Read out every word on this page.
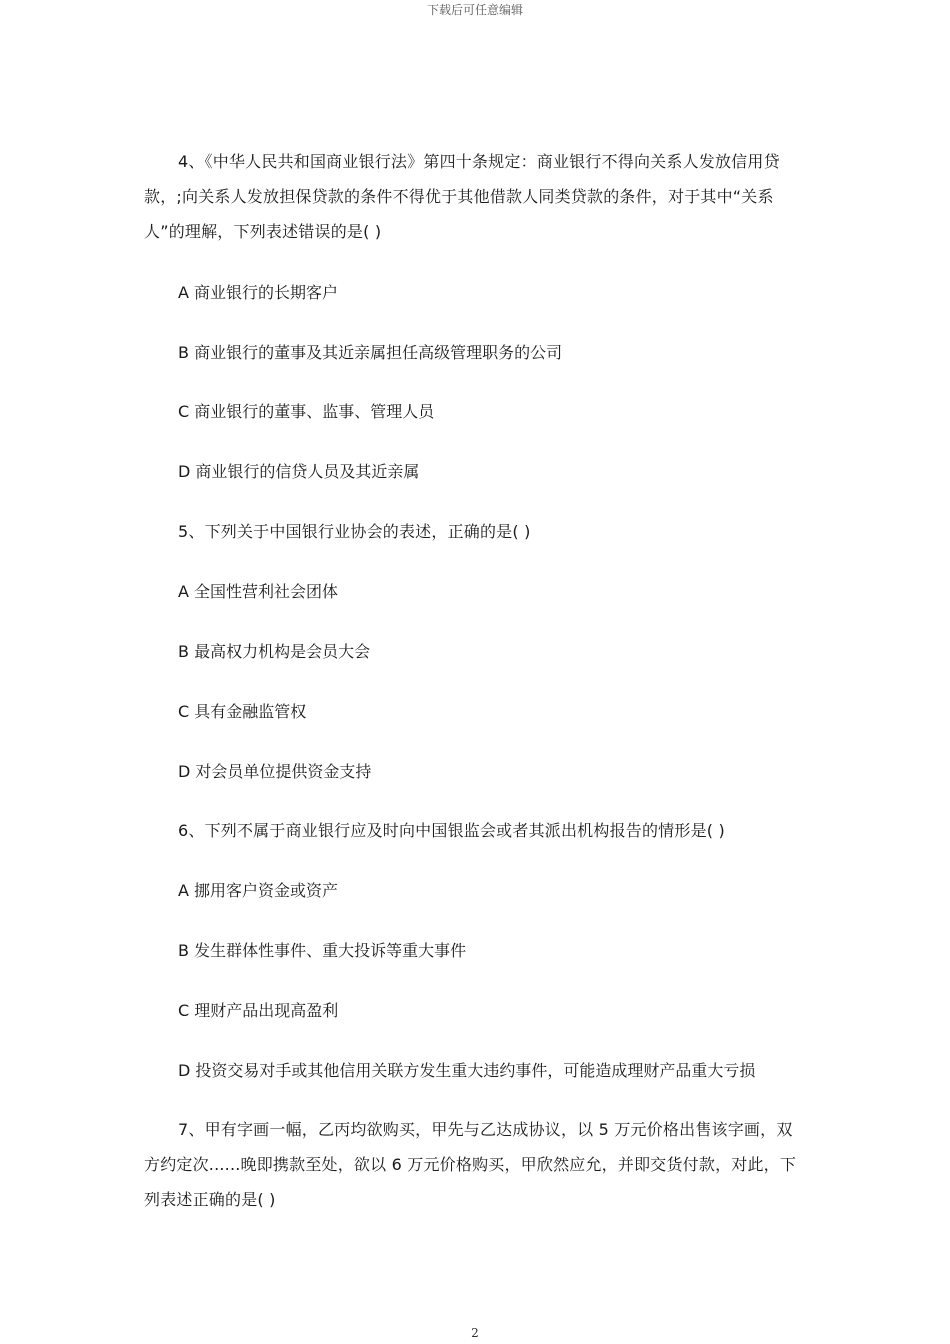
下载后可任意编辑

4、《中华人民共和国商业银行法》第四十条规定：商业银行不得向关系人发放信用贷款，;向关系人发放担保贷款的条件不得优于其他借款人同类贷款的条件，对于其中“关系人”的理解，下列表述错误的是( )

A 商业银行的长期客户

B 商业银行的董事及其近亲属担任高级管理职务的公司

C 商业银行的董事、监事、管理人员

D 商业银行的信贷人员及其近亲属

5、下列关于中国银行业协会的表述，正确的是( )

A 全国性营利社会团体

B 最高权力机构是会员大会

C 具有金融监管权

D 对会员单位提供资金支持

6、下列不属于商业银行应及时向中国银监会或者其派出机构报告的情形是( )

A 挪用客户资金或资产

B 发生群体性事件、重大投诉等重大事件

C 理财产品出现高盈利

D 投资交易对手或其他信用关联方发生重大违约事件，可能造成理财产品重大亏损

7、甲有字画一幅，乙丙均欲购买，甲先与乙达成协议，以 5 万元价格出售该字画，双方约定次......晚即携款至处，欲以 6 万元价格购买，甲欣然应允，并即交货付款，对此，下列表述正确的是( )

2
